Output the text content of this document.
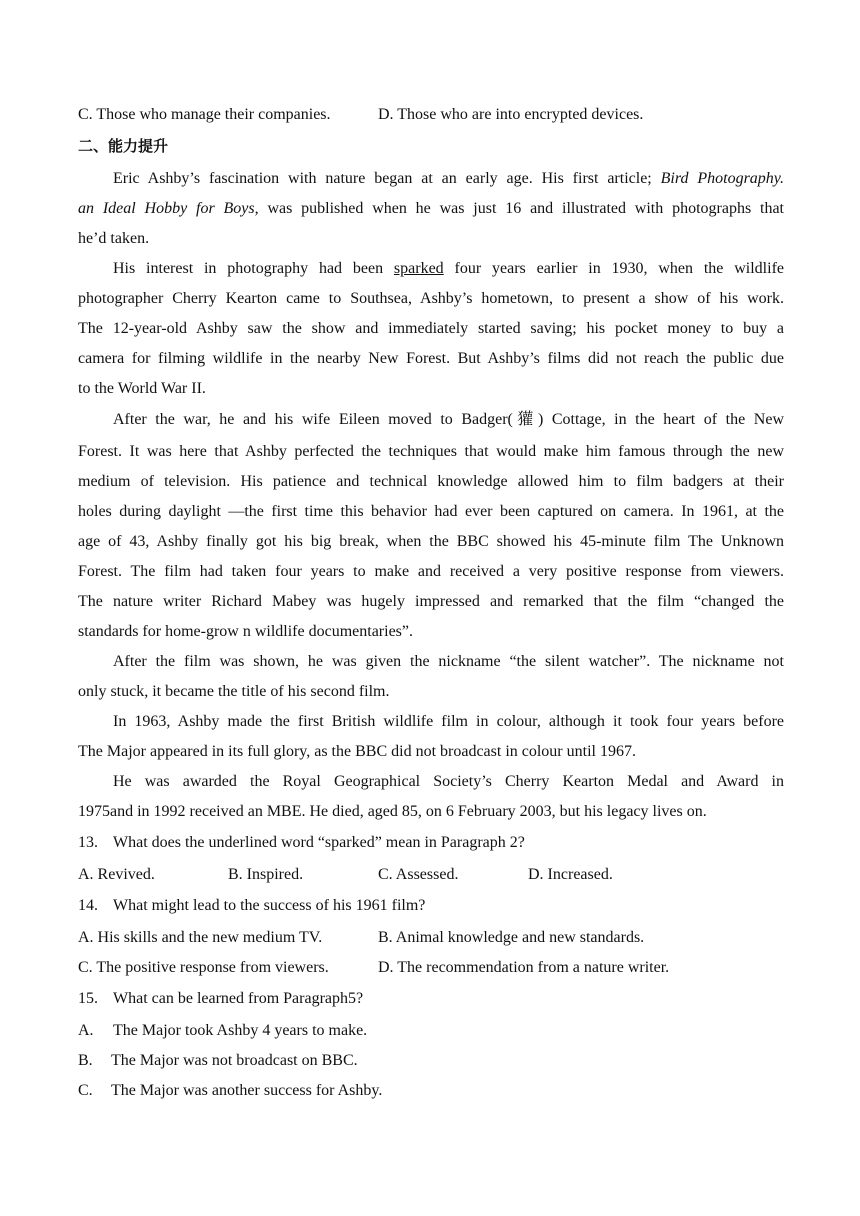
C. Those who manage their companies.	D. Those who are into encrypted devices.
二、能力提升
Eric Ashby’s fascination with nature began at an early age. His first article; Bird Photography.
an Ideal Hobby for Boys, was published when he was just 16 and illustrated with photographs that
he’d taken.
His interest in photography had been sparked four years earlier in 1930, when the wildlife
photographer Cherry Kearton came to Southsea, Ashby’s hometown, to present a show of his work.
The 12-year-old Ashby saw the show and immediately started saving; his pocket money to buy a
camera for filming wildlife in the nearby New Forest. But Ashby’s films did not reach the public due
to the World War II.
After the war, he and his wife Eileen moved to Badger(獾) Cottage, in the heart of the New
Forest. It was here that Ashby perfected the techniques that would make him famous through the new
medium of television. His patience and technical knowledge allowed him to film badgers at their
holes during daylight —the first time this behavior had ever been captured on camera. In 1961, at the
age of 43, Ashby finally got his big break, when the BBC showed his 45-minute film The Unknown
Forest. The film had taken four years to make and received a very positive response from viewers.
The nature writer Richard Mabey was hugely impressed and remarked that the film “changed the
standards for home-grow n wildlife documentaries”.
After the film was shown, he was given the nickname “the silent watcher”. The nickname not
only stuck, it became the title of his second film.
In 1963, Ashby made the first British wildlife film in colour, although it took four years before
The Major appeared in its full glory, as the BBC did not broadcast in colour until 1967.
He was awarded the Royal Geographical Society’s Cherry Kearton Medal and Award in
1975and in 1992 received an MBE. He died, aged 85, on 6 February 2003, but his legacy lives on.
13. What does the underlined word “sparked” mean in Paragraph 2?
A. Revived.	B. Inspired.	C. Assessed.	D. Increased.
14. What might lead to the success of his 1961 film?
A. His skills and the new medium TV.	B. Animal knowledge and new standards.
C. The positive response from viewers.	D. The recommendation from a nature writer.
15. What can be learned from Paragraph5?
A. The Major took Ashby 4 years to make.
B. The Major was not broadcast on BBC.
C. The Major was another success for Ashby.
